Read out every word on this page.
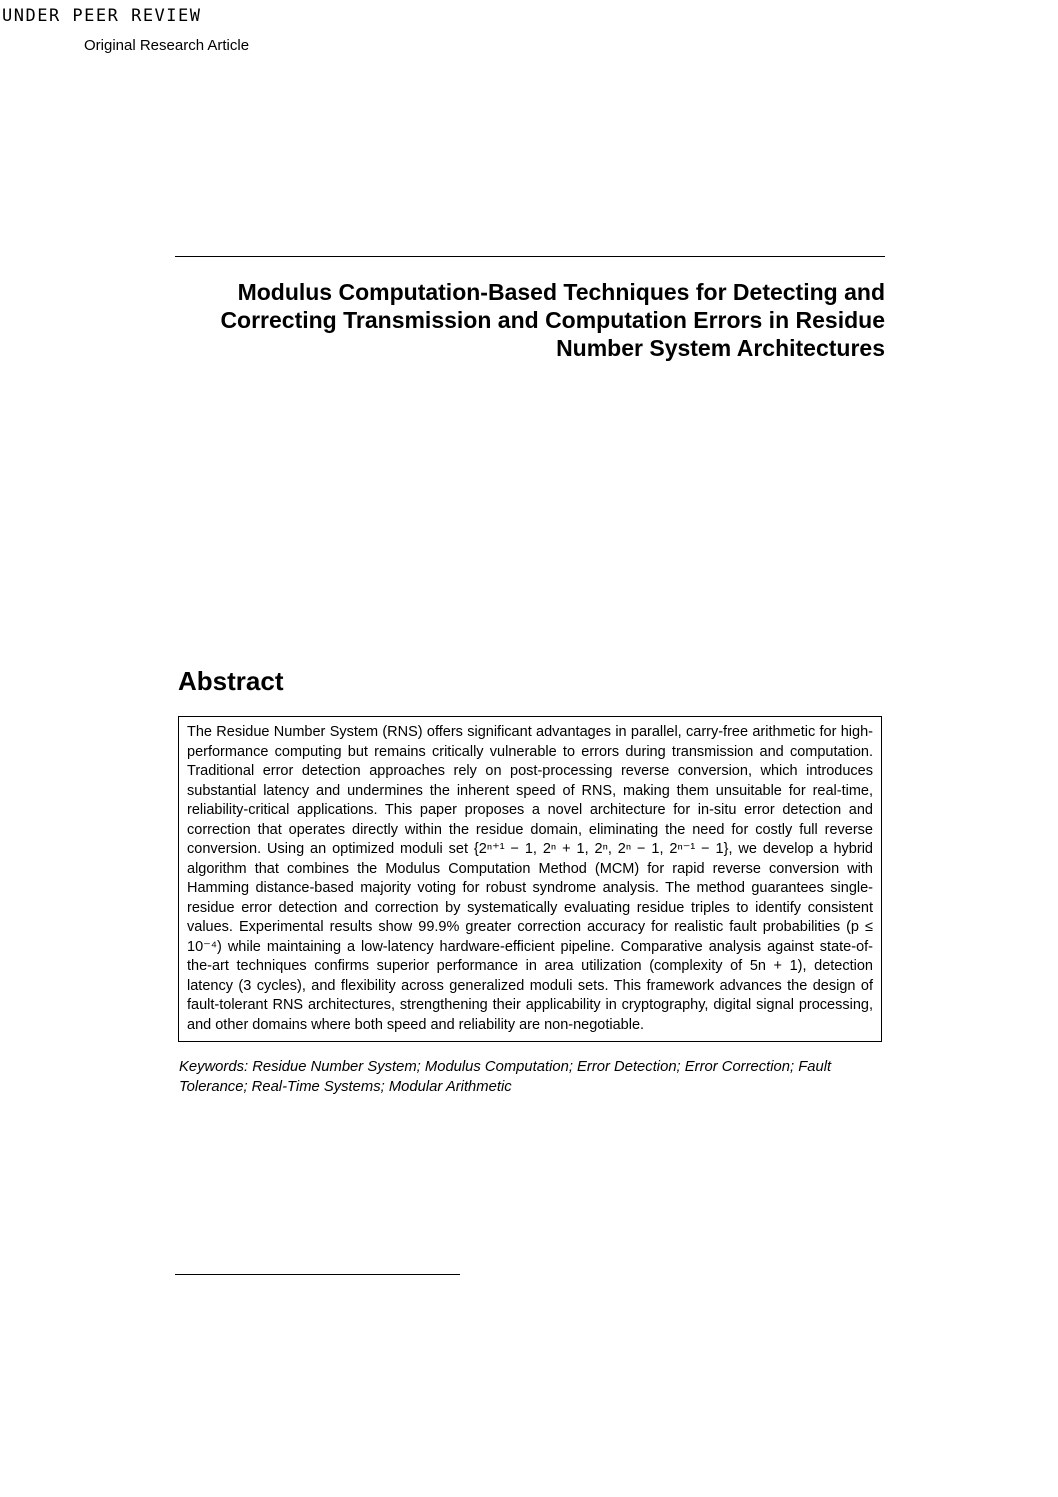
UNDER PEER REVIEW
Original Research Article
Modulus Computation-Based Techniques for Detecting and Correcting Transmission and Computation Errors in Residue Number System Architectures
Abstract

The Residue Number System (RNS) offers significant advantages in parallel, carry-free arithmetic for high-performance computing but remains critically vulnerable to errors during transmission and computation. Traditional error detection approaches rely on post-processing reverse conversion, which introduces substantial latency and undermines the inherent speed of RNS, making them unsuitable for real-time, reliability-critical applications. This paper proposes a novel architecture for in-situ error detection and correction that operates directly within the residue domain, eliminating the need for costly full reverse conversion. Using an optimized moduli set {2ⁿ⁺¹ − 1, 2ⁿ + 1, 2ⁿ, 2ⁿ − 1, 2ⁿ⁻¹ − 1}, we develop a hybrid algorithm that combines the Modulus Computation Method (MCM) for rapid reverse conversion with Hamming distance-based majority voting for robust syndrome analysis. The method guarantees single-residue error detection and correction by systematically evaluating residue triples to identify consistent values. Experimental results show 99.9% greater correction accuracy for realistic fault probabilities (p ≤ 10⁻⁴) while maintaining a low-latency hardware-efficient pipeline. Comparative analysis against state-of-the-art techniques confirms superior performance in area utilization (complexity of 5n + 1), detection latency (3 cycles), and flexibility across generalized moduli sets. This framework advances the design of fault-tolerant RNS architectures, strengthening their applicability in cryptography, digital signal processing, and other domains where both speed and reliability are non-negotiable.

Keywords: Residue Number System; Modulus Computation; Error Detection; Error Correction; Fault Tolerance; Real-Time Systems; Modular Arithmetic
